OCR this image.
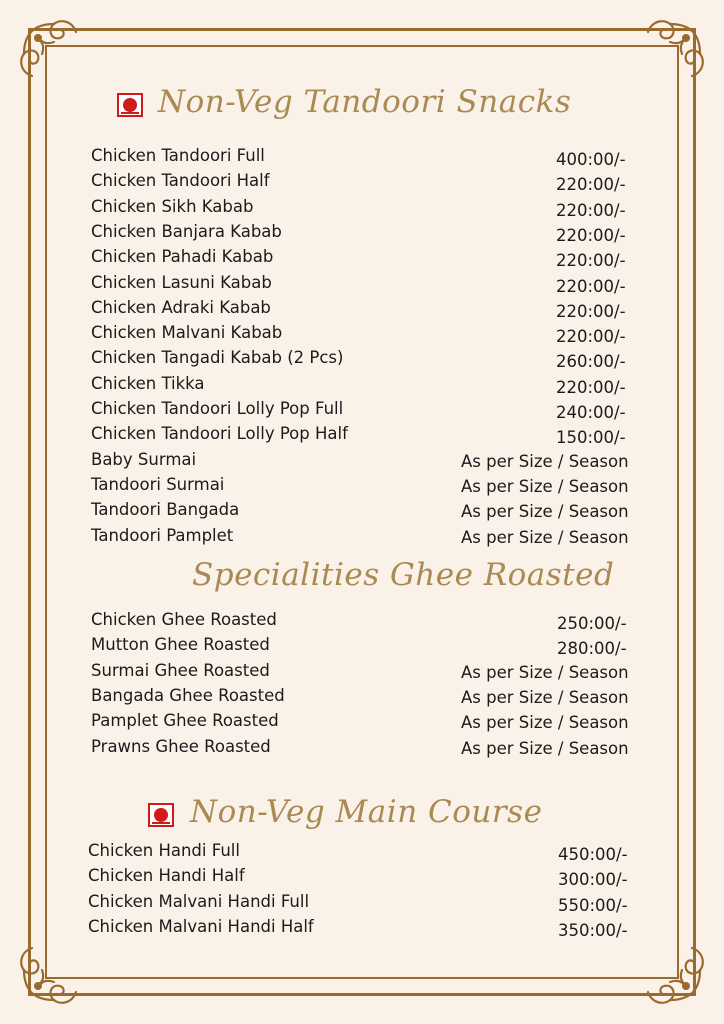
Non-Veg Tandoori Snacks
Chicken Tandoori Full	400:00/-
Chicken Tandoori Half	220:00/-
Chicken Sikh Kabab	220:00/-
Chicken Banjara Kabab	220:00/-
Chicken Pahadi Kabab	220:00/-
Chicken Lasuni Kabab	220:00/-
Chicken Adraki Kabab	220:00/-
Chicken Malvani Kabab	220:00/-
Chicken Tangadi Kabab (2 Pcs)	260:00/-
Chicken Tikka	220:00/-
Chicken Tandoori Lolly Pop Full	240:00/-
Chicken Tandoori Lolly Pop Half	150:00/-
Baby Surmai	As per Size / Season
Tandoori Surmai	As per Size / Season
Tandoori Bangada	As per Size / Season
Tandoori Pamplet	As per Size / Season
Specialities Ghee Roasted
Chicken Ghee Roasted	250:00/-
Mutton Ghee Roasted	280:00/-
Surmai Ghee Roasted	As per Size / Season
Bangada Ghee Roasted	As per Size / Season
Pamplet Ghee Roasted	As per Size / Season
Prawns Ghee Roasted	As per Size / Season
Non-Veg Main Course
Chicken Handi Full	450:00/-
Chicken Handi Half	300:00/-
Chicken Malvani Handi Full	550:00/-
Chicken Malvani Handi Half	350:00/-
